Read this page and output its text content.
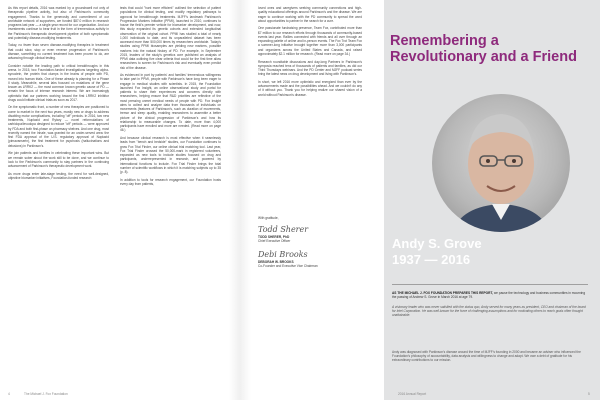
As this report details, 2016 was marked by a groundswell not only of therapeutic pipeline activity, but also of Parkinson's community engagement. Thanks to the generosity and commitment of our worldwide network of supporters, we funded $87.0 million in research programs last year — a single-year record for our organization. And our investments continue to bear fruit in the form of tremendous activity in the Parkinson's therapeutic development pipeline of both symptomatic and potentially disease-modifying treatments.

Today, no fewer than seven disease-modifying therapies in treatment that could slow, stop or even reverse progression of Parkinson's disease, something no current treatment has been proven to do, are advancing through clinical testing.

Consider notable the leading path to critical breakthroughs in this arena. In 2015, two Foundation-funded investigations targeting alpha-synuclein, the protein that clumps in the brains of people with PD, moved into human trials. One of these already is planning for a Phase II study. Meanwhile, several labs focused on mutations of the gene known as LRRK2 — the most common known genetic cause of PD — remain the focus of intense research interest. We are increasingly optimistic that our partners working toward the first LRRK2 inhibitor drugs could initiate clinical trials as soon as 2017.

On the symptomatic front, a number of new therapies are positioned to come to market in the next two years, mostly new or drugs to address disabling motor complications, including "off" periods. In 2016, two new treatments, Nuplazid and Rytary — novel reformulations of carbidopa/levodopa designed to reduce "off" periods — were approved by FDA and both first-phase on pharmacy shelves. And one drug, most recently named the Inhale, was granted for an under-served area: the first FDA approval of the U.S. regulatory approval of Nuplazid (pimavanserin), the first treatment for psychosis (hallucinations and delusions) in Parkinson's.

We join patients and families in celebrating these important wins. But we remain sober about the work still to be done, and we continue to look to the Parkinson's community to stay partners in the continuing advancement of Parkinson's therapeutic development work.

As more drugs enter late-stage testing, the need for well-designed, objective biomarker initiatives, Foundation-funded research

tests that could "hunt more efficient" outlined the selection of patient populations for clinical testing, and modify regulatory pathways to approval for breakthrough treatments. MJFF's landmark Parkinson's Progression Markers Initiative (PPMI), launched in 2010, continues to house the field's premier vehicle for biomarker development, and now, this study expanded its genetic cohorts and extended longitudinal observation of the original cohort. PPMI has studied a total of nearly 1,000 individuals to date, and its unparalleled dataset has been accessed more than 500,000 times by researchers worldwide. Today's studies using PPMI biosamples are yielding new markers, possible markers into the natural history of PD. For example, in September 2015, leaders of the study's genetics core published an analysis of PPMI data outlining five clear criteria that could for the first time allow researchers to screen for Parkinson's risk and eventually even predict risk of the disease.

As evidenced in part by patients' and families' tremendous willingness to take part in PPMI, people with Parkinson's have long been eager to engage in medical studies with scientists. In 2015, the Foundation launched Fox Insight, an online observational study and portal for patients to share their experiences and concerns directly with researchers, helping ensure that R&D priorities are reflective of the most pressing unmet medical needs of people with PD. Fox Insight aims to collect and analyze data from thousands of individuals on movements (features of Parkinson's, such as duration of movements, tremor and sleep quality, enabling researchers to assemble a better picture of the clinical progression of Parkinson's and how its relationship to measurable changes. To date, more than 4,000 participants have enrolled and more are needed. (Read more on page 46.)

And because clinical research is most effective when it seamlessly leads from "bench and bedside" studies, our Foundation continues to grow Fox Trial Finder, our online clinical trial matching tool. Last year, Fox Trial Finder crossed the 50,000-mark in registered volunteers, expanded as new tools to include studies focused on drug and participants, underrepresented in research, and powered by international functions to include. Fox Trial Finder brings the total number of scientific workflows in which it is matching subjects up to 35 (p. 8).

In addition to tools for research engagement, our Foundation hosts every day from patients,

loved ones and caregivers seeking community connections and high-quality educational offerings around Parkinson's and the disease. We are eager to continue working with the PD community to spread the word about opportunities to partner in the search for a cure.

One passionate fundraising presence, Team Fox, contributed more than $7 million to our research efforts through thousands of community-based events last year. Rallies connected with friends and all over through an expanding palette of online and in-person events. The Fox Trot Team Fox a summer-long initiative brought together more than 3,000 participants and organizers across the United States and Canada, and raised approximately $2.1 million for research. (Read more on page 34.)

Research roundtable discussions and day-long Partners in Parkinson's symposia reached tens of thousands of patients and families, as did our Third Thursdays webinars. And the PD Center and MJFF podcast series bring the latest news on drug development and living with Parkinson's.

In short, we left 2016 more optimistic and energized than ever by the advancements made and the possibilities ahead. And we couldn't do any of it without you. Thank you for helping realize our shared vision of a world without Parkinson's disease.

With gratitude,
Todd Sherer
TODD SHERER, PhD
Chief Executive Officer
Debi Brooks
DEBORAH W. BROOKS
Co-Founder and Executive Vice Chairman
4	The Michael J. Fox Foundation
Remembering a Revolutionary and a Friend
Andy S. Grove
1937 — 2016
AS THE MICHAEL J. FOX FOUNDATION PREPARES THIS REPORT, we pause the technology and business communities in mourning the passing of Andrew S. Grove in March 2016 at age 79.
A visionary leader who was never satisfied with the status quo, Andy served for many years as president, CEO and chairman of the board for Intel Corporation. He was well-known for the force of challenging assumptions and for motivating others to reach goals often thought unattainable.
Andy was diagnosed with Parkinson's disease around the time of MJFF's founding in 2000 and became an adviser who influenced the Foundation's philosophy of accountability, data analysis and willingness to change and adapt. We owe a debt of gratitude for his extraordinary contributions to our mission.
2016 Annual Report	5
